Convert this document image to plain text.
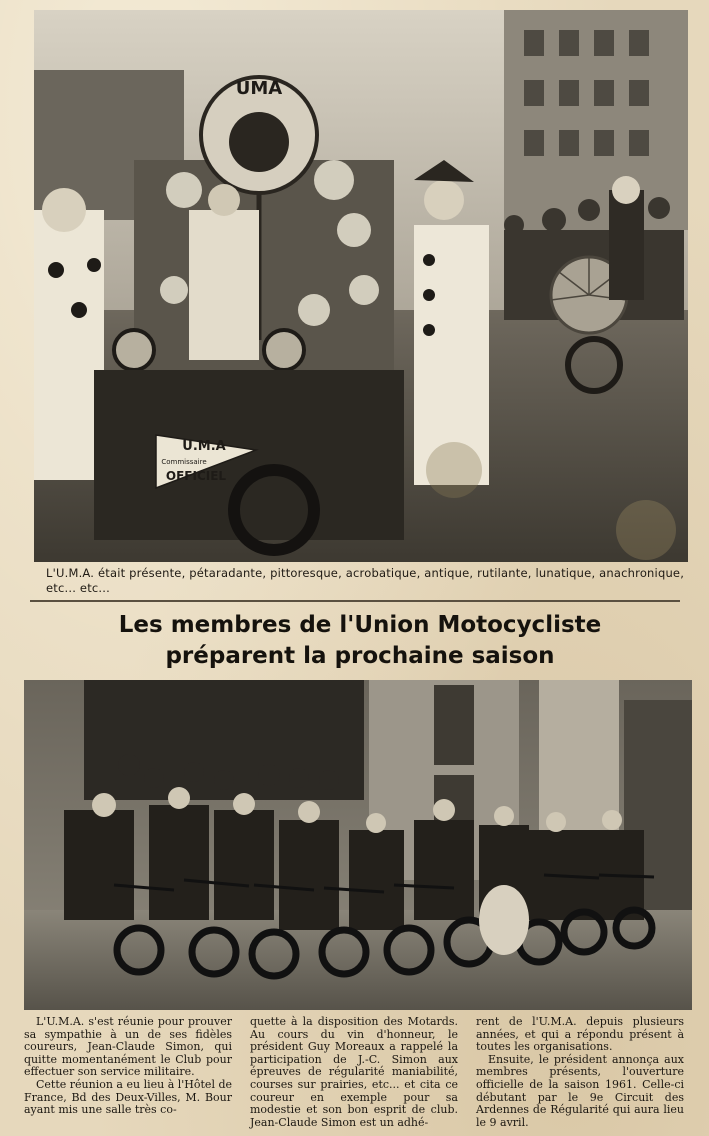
UMA
U.M.A
Commissaire
OFFICIEL
L'U.M.A. était présente, pétaradante, pittoresque, acrobatique, antique, rutilante, lunatique, anachronique, etc... etc...
Les membres de l'Union Motocycliste
préparent la prochaine saison

L'U.M.A. s'est réunie pour prouver sa sympathie à un de ses fidèles coureurs, Jean-Claude Simon, qui quitte momentanément le Club pour effectuer son service militaire.

Cette réunion a eu lieu à l'Hôtel de France, Bd des Deux-Villes, M. Bour ayant mis une salle très co-

quette à la disposition des Motards. Au cours du vin d'honneur, le président Guy Moreaux a rappelé la participation de J.-C. Simon aux épreuves de régularité maniabilité, courses sur prairies, etc... et cita ce coureur en exemple pour sa modestie et son bon esprit de club. Jean-Claude Simon est un adhé-

rent de l'U.M.A. depuis plusieurs années, et qui a répondu présent à toutes les organisations.

Ensuite, le président annonça aux membres présents, l'ouverture officielle de la saison 1961. Celle-ci débutant par le 9e Circuit des Ardennes de Régularité qui aura lieu le 9 avril.
